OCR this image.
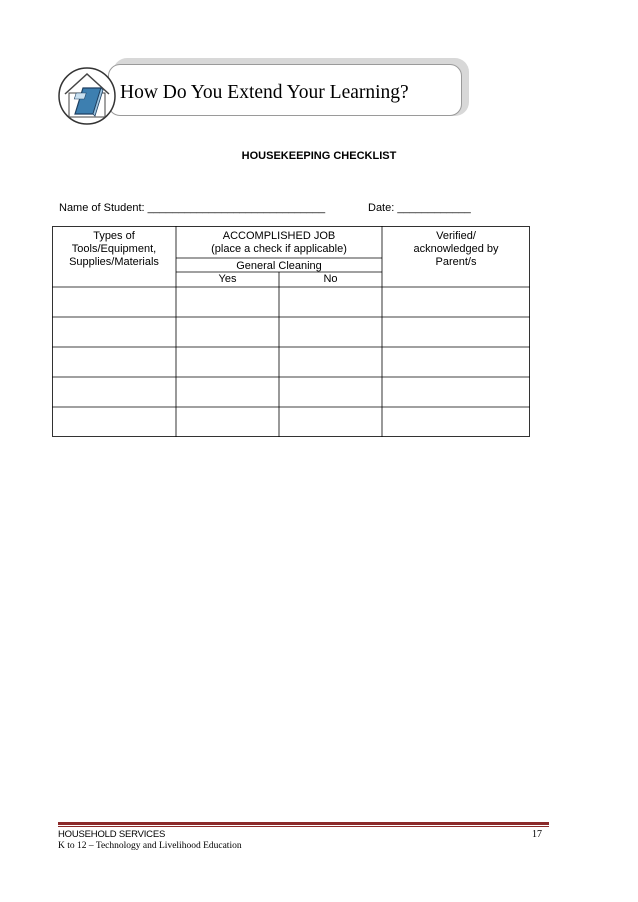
How Do You Extend Your Learning?
HOUSEKEEPING CHECKLIST
Name of Student: _____________________________	Date: ____________
Types of
Tools/Equipment,
Supplies/Materials
ACCOMPLISHED JOB
(place a check if applicable)
General Cleaning
Yes	No
Verified/
acknowledged by
Parent/s
HOUSEHOLD SERVICES
K to 12 – Technology and Livelihood Education
17
